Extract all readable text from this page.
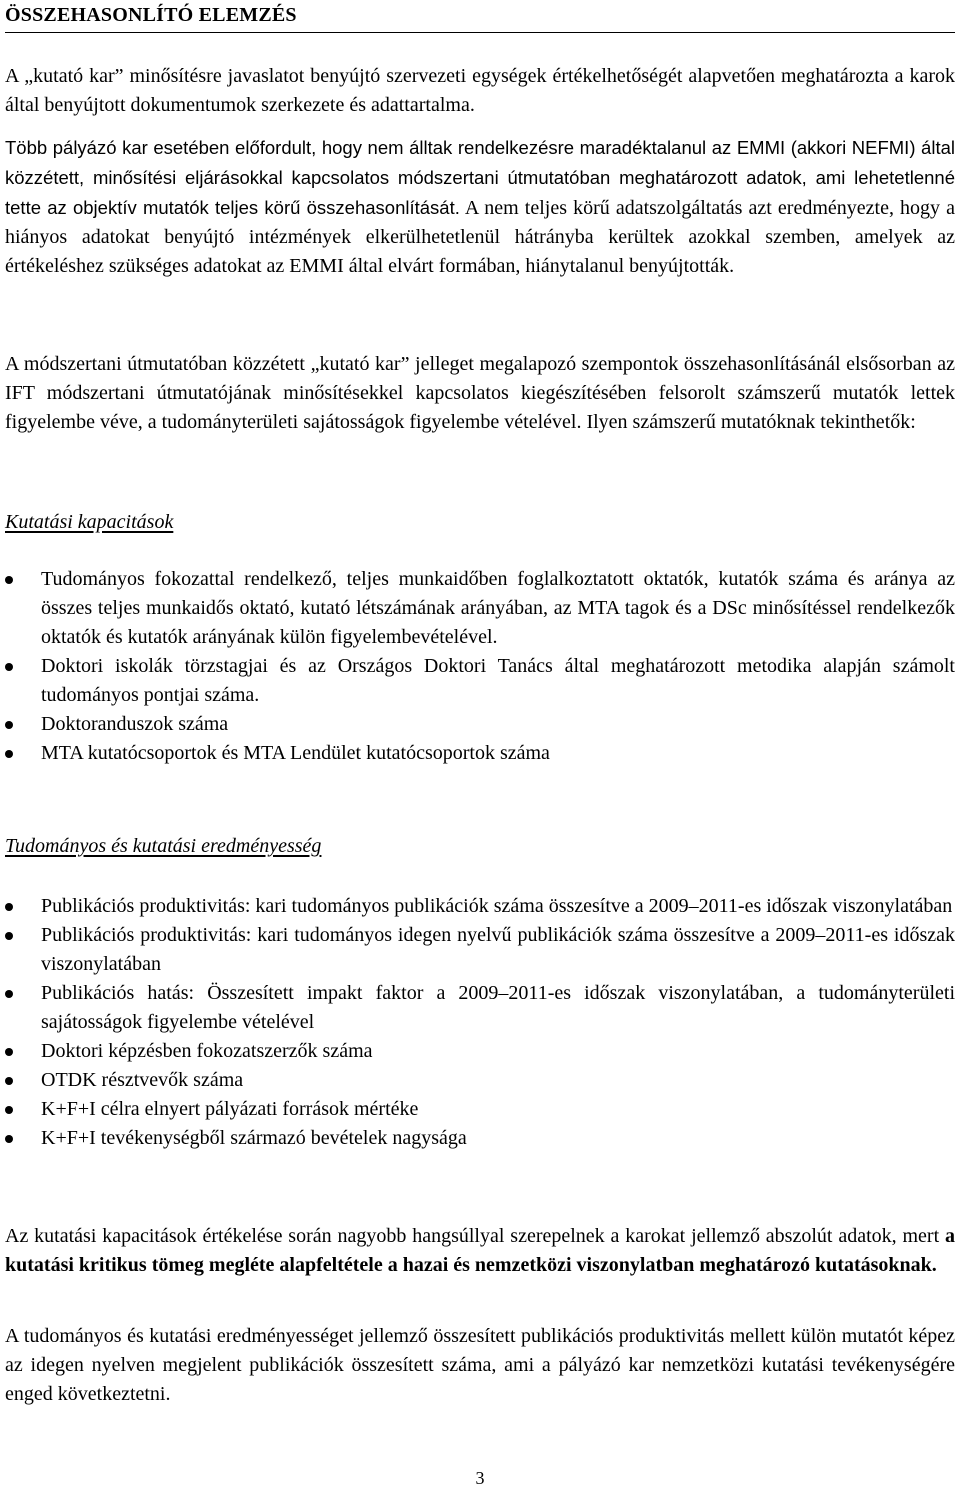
ÖSSZEHASONLÍTÓ ELEMZÉS

A „kutató kar” minősítésre javaslatot benyújtó szervezeti egységek értékelhetőségét alapvetően meghatározta a karok által benyújtott dokumentumok szerkezete és adattartalma.

Több pályázó kar esetében előfordult, hogy nem álltak rendelkezésre maradéktalanul az EMMI (akkori NEFMI) által közzétett, minősítési eljárásokkal kapcsolatos módszertani útmutatóban meghatározott adatok, ami lehetetlenné tette az objektív mutatók teljes körű összehasonlítását. A nem teljes körű adatszolgáltatás azt eredményezte, hogy a hiányos adatokat benyújtó intézmények elkerülhetetlenül hátrányba kerültek azokkal szemben, amelyek az értékeléshez szükséges adatokat az EMMI által elvárt formában, hiánytalanul benyújtották.

A módszertani útmutatóban közzétett „kutató kar” jelleget megalapozó szempontok összehasonlításánál elsősorban az IFT módszertani útmutatójának minősítésekkel kapcsolatos kiegészítésében felsorolt számszerű mutatók lettek figyelembe véve, a tudományterületi sajátosságok figyelembe vételével. Ilyen számszerű mutatóknak tekinthetők:

Kutatási kapacitások

Tudományos fokozattal rendelkező, teljes munkaidőben foglalkoztatott oktatók, kutatók száma és aránya az összes teljes munkaidős oktató, kutató létszámának arányában, az MTA tagok és a DSc minősítéssel rendelkezők oktatók és kutatók arányának külön figyelembevételével.
Doktori iskolák törzstagjai és az Országos Doktori Tanács által meghatározott metodika alapján számolt tudományos pontjai száma.
Doktoranduszok száma
MTA kutatócsoportok és MTA Lendület kutatócsoportok száma

Tudományos és kutatási eredményesség

Publikációs produktivitás: kari tudományos publikációk száma összesítve a 2009–2011-es időszak viszonylatában
Publikációs produktivitás: kari tudományos idegen nyelvű publikációk száma összesítve a 2009–2011-es időszak viszonylatában
Publikációs hatás: Összesített impakt faktor a 2009–2011-es időszak viszonylatában, a tudományterületi sajátosságok figyelembe vételével
Doktori képzésben fokozatszerzők száma
OTDK résztvevők száma
K+F+I célra elnyert pályázati források mértéke
K+F+I tevékenységből származó bevételek nagysága

Az kutatási kapacitások értékelése során nagyobb hangsúllyal szerepelnek a karokat jellemző abszolút adatok, mert a kutatási kritikus tömeg megléte alapfeltétele a hazai és nemzetközi viszonylatban meghatározó kutatásoknak.

A tudományos és kutatási eredményességet jellemző összesített publikációs produktivitás mellett külön mutatót képez az idegen nyelven megjelent publikációk összesített száma, ami a pályázó kar nemzetközi kutatási tevékenységére enged következtetni.

3
